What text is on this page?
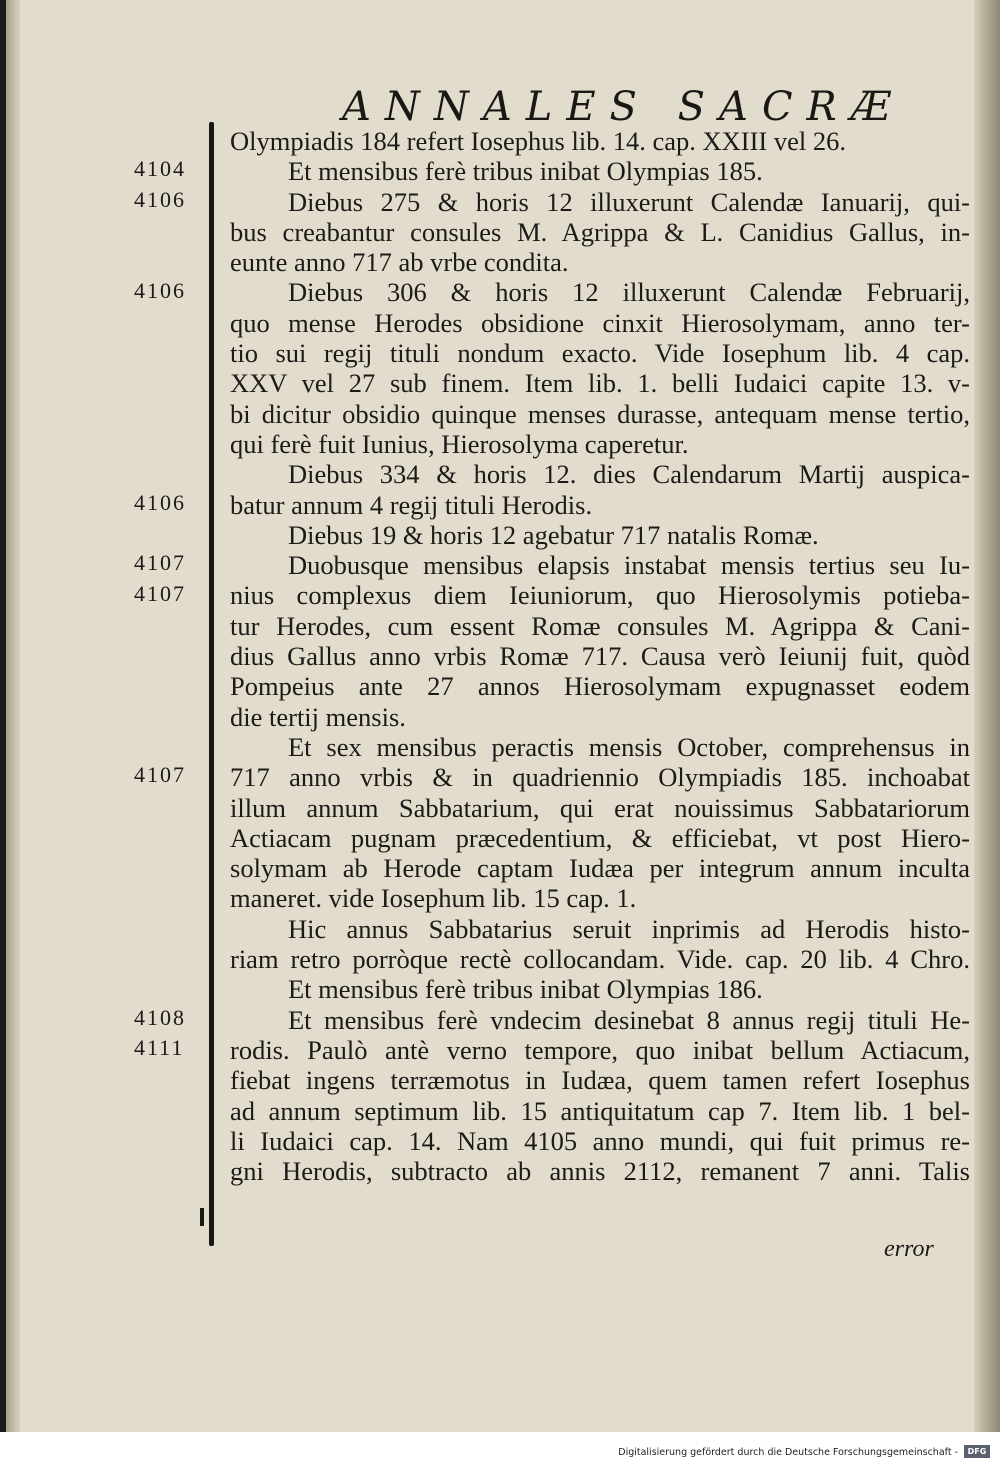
ANNALES SACRÆ
4104
4106
4106
4106
4107
4107
4107
4108
4111
Olympiadis 184 refert Iosephus lib. 14. cap. XXIII vel 26.
Et mensibus ferè tribus inibat Olympias 185.
Diebus 275 & horis 12 illuxerunt Calendæ Ianuarij, qui-
bus creabantur consules M. Agrippa & L. Canidius Gallus, in-
eunte anno 717 ab vrbe condita.
Diebus 306 & horis 12 illuxerunt Calendæ Februarij,
quo mense Herodes obsidione cinxit Hierosolymam, anno ter-
tio sui regij tituli nondum exacto. Vide Iosephum lib. 4 cap.
XXV vel 27 sub finem. Item lib. 1. belli Iudaici capite 13. v-
bi dicitur obsidio quinque menses durasse, antequam mense tertio,
qui ferè fuit Iunius, Hierosolyma caperetur.
Diebus 334 & horis 12. dies Calendarum Martij auspica-
batur annum 4 regij tituli Herodis.
Diebus 19 & horis 12 agebatur 717 natalis Romæ.
Duobusque mensibus elapsis instabat mensis tertius seu Iu-
nius complexus diem Ieiuniorum, quo Hierosolymis potieba-
tur Herodes, cum essent Romæ consules M. Agrippa & Cani-
dius Gallus anno vrbis Romæ 717. Causa verò Ieiunij fuit, quòd
Pompeius ante 27 annos Hierosolymam expugnasset eodem
die tertij mensis.
Et sex mensibus peractis mensis October, comprehensus in
717 anno vrbis & in quadriennio Olympiadis 185. inchoabat
illum annum Sabbatarium, qui erat nouissimus Sabbatariorum
Actiacam pugnam præcedentium, & efficiebat, vt post Hiero-
solymam ab Herode captam Iudæa per integrum annum inculta
maneret. vide Iosephum lib. 15 cap. 1.
Hic annus Sabbatarius seruit inprimis ad Herodis histo-
riam retro porròque rectè collocandam. Vide. cap. 20 lib. 4 Chro.
Et mensibus ferè tribus inibat Olympias 186.
Et mensibus ferè vndecim desinebat 8 annus regij tituli He-
rodis. Paulò antè verno tempore, quo inibat bellum Actiacum,
fiebat ingens terræmotus in Iudæa, quem tamen refert Iosephus
ad annum septimum lib. 15 antiquitatum cap 7. Item lib. 1 bel-
li Iudaici cap. 14. Nam 4105 anno mundi, qui fuit primus re-
gni Herodis, subtracto ab annis 2112, remanent 7 anni. Talis
error
Digitalisierung gefördert durch die Deutsche Forschungsgemeinschaft -	DFG
